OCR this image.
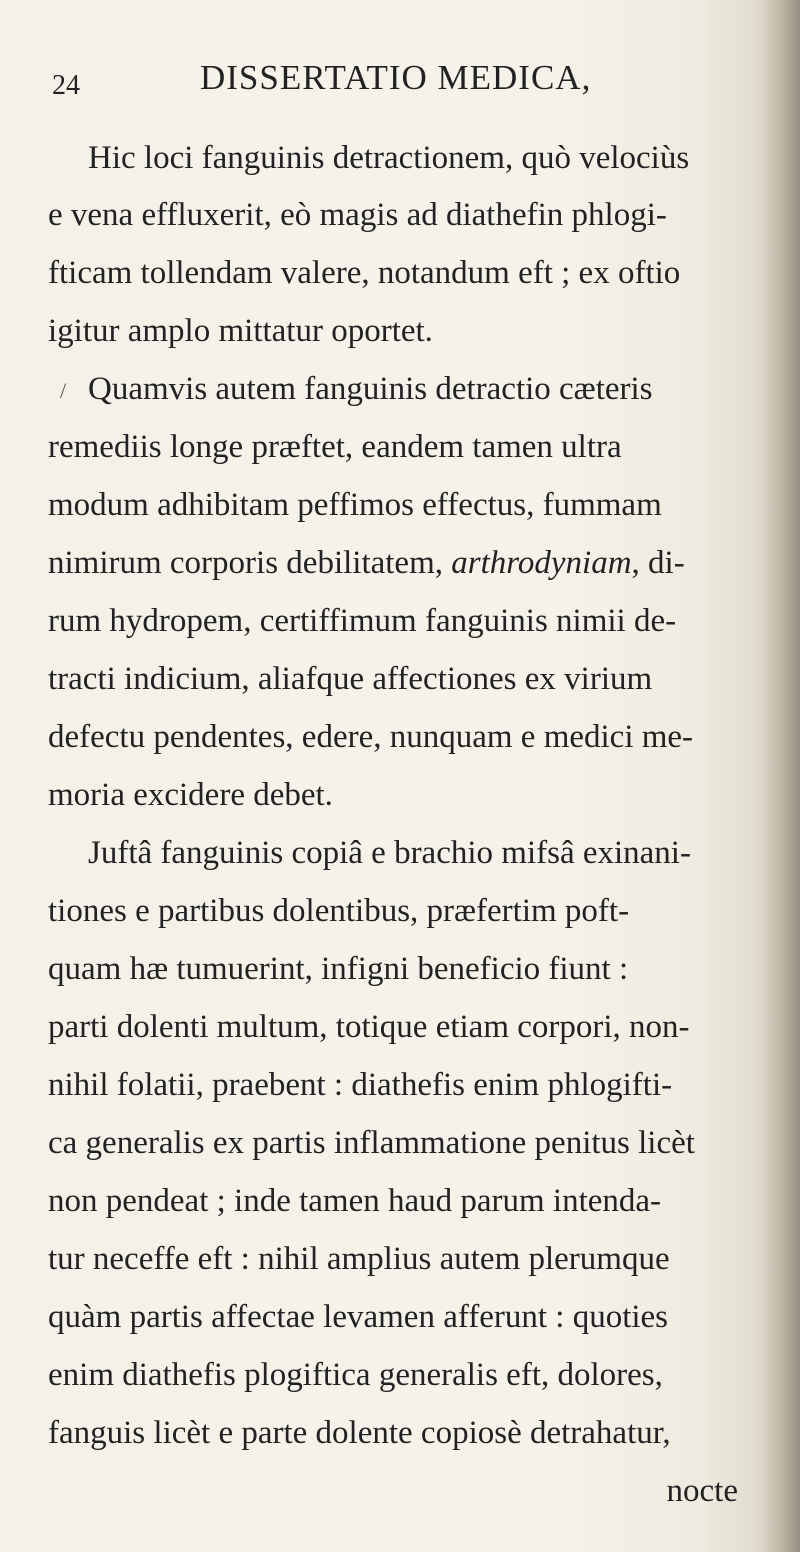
24	DISSERTATIO MEDICA,
/
Hic loci fanguinis detractionem, quò velociùs
e vena effluxerit, eò magis ad diathefin phlogi-
fticam tollendam valere, notandum eft ; ex oftio
igitur amplo mittatur oportet.
Quamvis autem fanguinis detractio cæteris
remediis longe præftet, eandem tamen ultra
modum adhibitam peffimos effectus, fummam
nimirum corporis debilitatem, arthrodyniam, di-
rum hydropem, certiffimum fanguinis nimii de-
tracti indicium, aliafque affectiones ex virium
defectu pendentes, edere, nunquam e medici me-
moria excidere debet.
Juftâ fanguinis copiâ e brachio mifsâ exinani-
tiones e partibus dolentibus, præfertim poft-
quam hæ tumuerint, infigni beneficio fiunt :
parti dolenti multum, totique etiam corpori, non-
nihil folatii, praebent : diathefis enim phlogifti-
ca generalis ex partis inflammatione penitus licèt
non pendeat ; inde tamen haud parum intenda-
tur neceffe eft : nihil amplius autem plerumque
quàm partis affectae levamen afferunt : quoties
enim diathefis plogiftica generalis eft, dolores,
fanguis licèt e parte dolente copiosè detrahatur,
nocte
